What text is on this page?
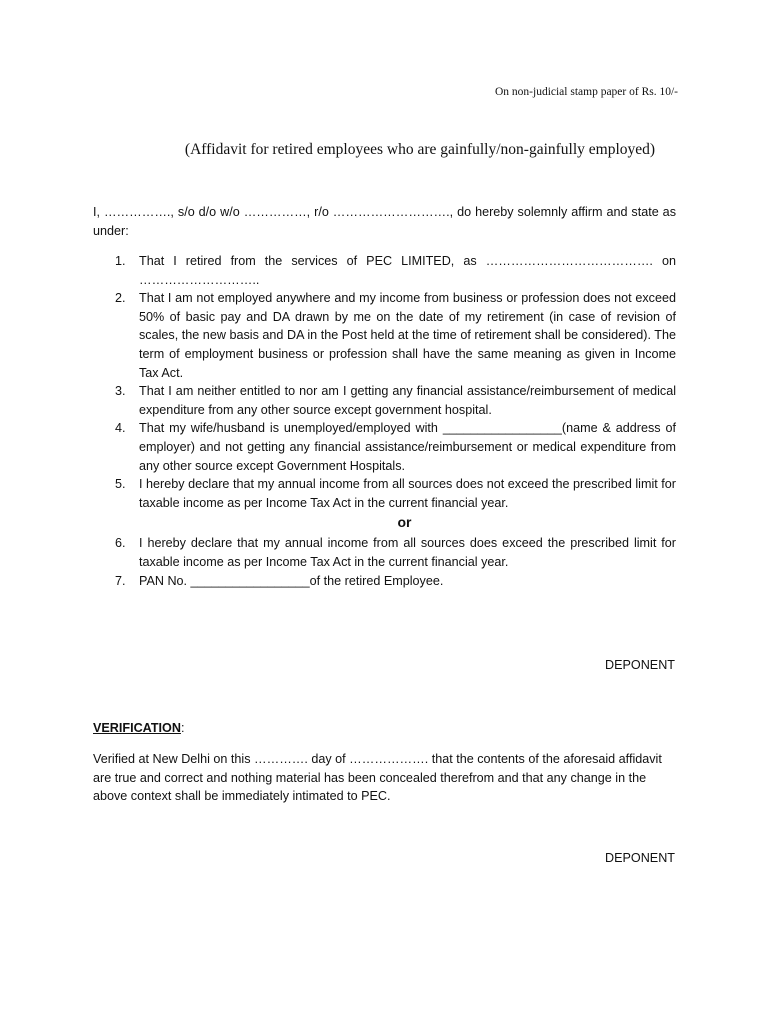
On non-judicial stamp paper of Rs. 10/-
(Affidavit for retired employees who are gainfully/non-gainfully employed)
I, ……………., s/o d/o w/o ……………, r/o ………………………., do hereby solemnly affirm and state as under:
1. That I retired from the services of PEC LIMITED, as …………………………………. on ………………………..
2. That I am not employed anywhere and my income from business or profession does not exceed 50% of basic pay and DA drawn by me on the date of my retirement (in case of revision of scales, the new basis and DA in the Post held at the time of retirement shall be considered). The term of employment business or profession shall have the same meaning as given in Income Tax Act.
3. That I am neither entitled to nor am I getting any financial assistance/reimbursement of medical expenditure from any other source except government hospital.
4. That my wife/husband is unemployed/employed with _________________(name & address of employer) and not getting any financial assistance/reimbursement or medical expenditure from any other source except Government Hospitals.
5. I hereby declare that my annual income from all sources does not exceed the prescribed limit for taxable income as per Income Tax Act in the current financial year.

or

6. I hereby declare that my annual income from all sources does exceed the prescribed limit for taxable income as per Income Tax Act in the current financial year.
7. PAN No. _________________of the retired Employee.
DEPONENT
VERIFICATION:
Verified at New Delhi on this …………. day of ………………. that the contents of the aforesaid affidavit are true and correct and nothing material has been concealed therefrom and that any change in the above context shall be immediately intimated to PEC.
DEPONENT
